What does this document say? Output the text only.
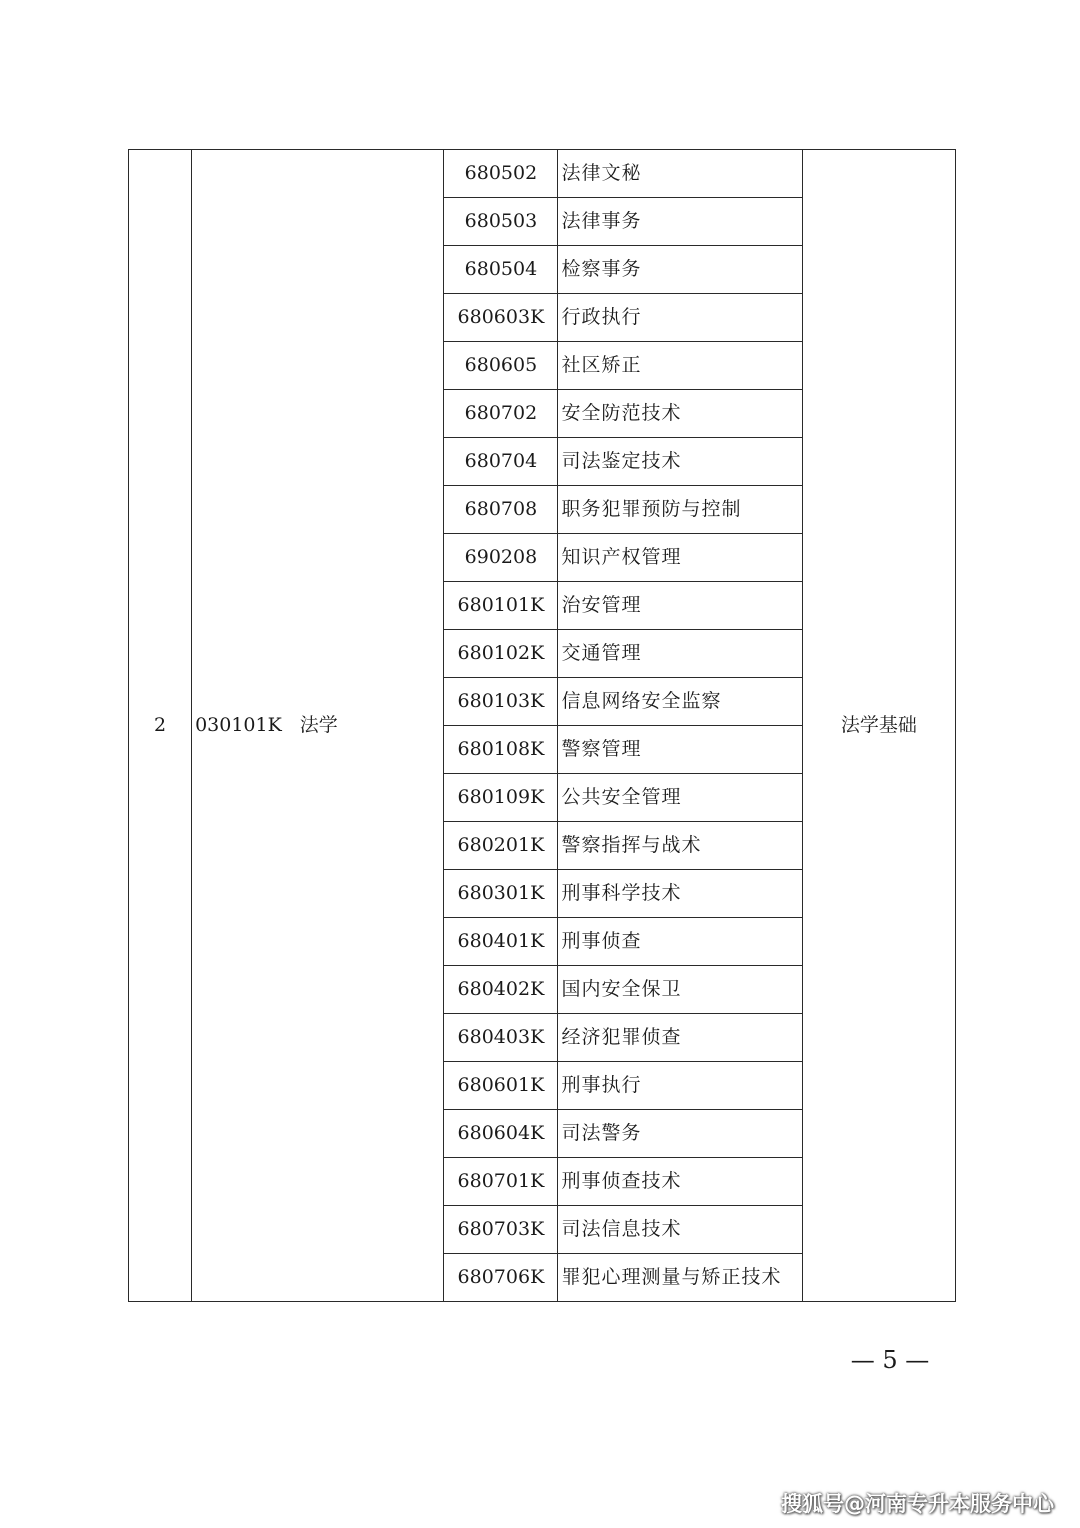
2	030101K 法学	680502	法律文秘	法学基础
		680503	法律事务	
		680504	检察事务	
		680603K	行政执行	
		680605	社区矫正	
		680702	安全防范技术	
		680704	司法鉴定技术	
		680708	职务犯罪预防与控制	
		690208	知识产权管理	
		680101K	治安管理	
		680102K	交通管理	
		680103K	信息网络安全监察	
		680108K	警察管理	
		680109K	公共安全管理	
		680201K	警察指挥与战术	
		680301K	刑事科学技术	
		680401K	刑事侦查	
		680402K	国内安全保卫	
		680403K	经济犯罪侦查	
		680601K	刑事执行	
		680604K	司法警务	
		680701K	刑事侦查技术	
		680703K	司法信息技术	
		680706K	罪犯心理测量与矫正技术	
— 5 —
搜狐号@河南专升本服务中心
